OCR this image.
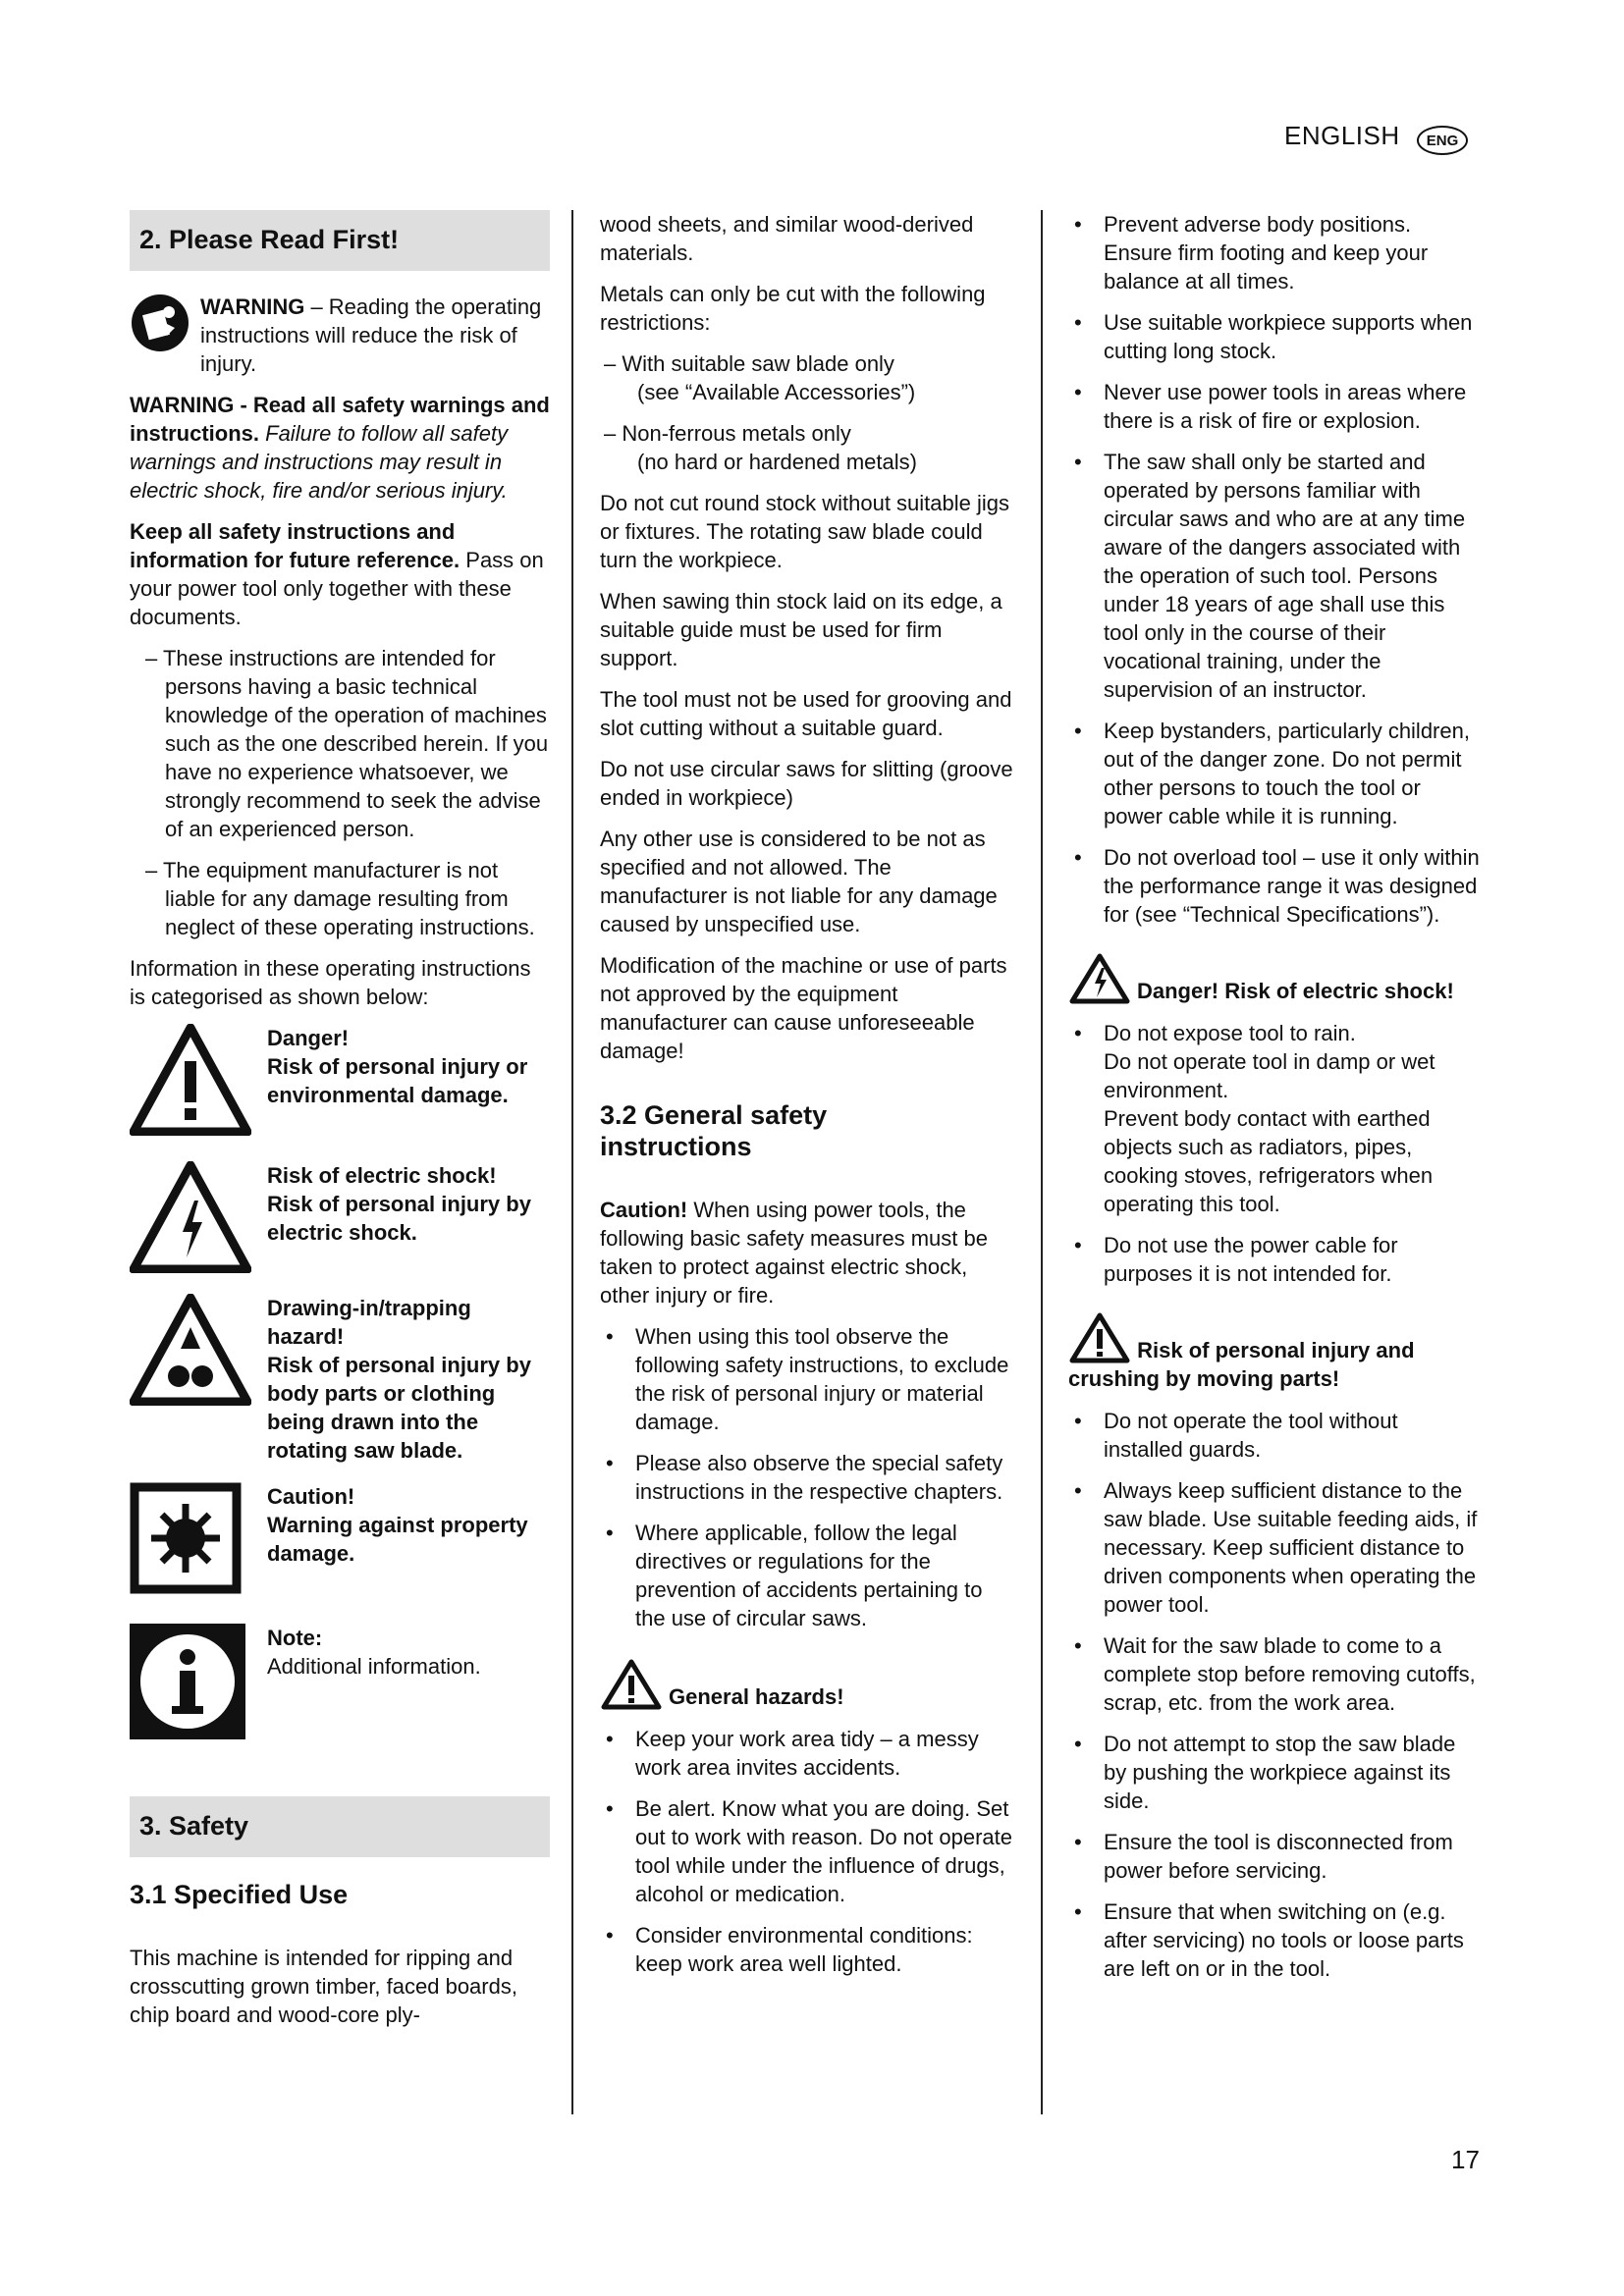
ENGLISH	ENG
2. Please Read First!
WARNING – Reading the operating instructions will reduce the risk of injury.

WARNING - Read all safety warnings and instructions. Failure to follow all safety warnings and instructions may result in electric shock, fire and/or serious injury.

Keep all safety instructions and information for future reference. Pass on your power tool only together with these documents.

– These instructions are intended for persons having a basic technical knowledge of the operation of machines such as the one described herein. If you have no experience whatsoever, we strongly recommend to seek the advise of an experienced person.
– The equipment manufacturer is not liable for any damage resulting from neglect of these operating instructions.

Information in these operating instructions is categorised as shown below:

Danger!
Risk of personal injury or environmental damage.
Risk of electric shock!
Risk of personal injury by electric shock.
Drawing-in/trapping hazard!
Risk of personal injury by body parts or clothing being drawn into the rotating saw blade.
Caution!
Warning against property damage.
Note:
Additional information.
3. Safety
3.1 Specified Use

This machine is intended for ripping and crosscutting grown timber, faced boards, chip board and wood-core ply-

wood sheets, and similar wood-derived materials.

Metals can only be cut with the following restrictions:

– With suitable saw blade only
(see “Available Accessories”)
– Non-ferrous metals only
(no hard or hardened metals)

Do not cut round stock without suitable jigs or fixtures. The rotating saw blade could turn the workpiece.

When sawing thin stock laid on its edge, a suitable guide must be used for firm support.

The tool must not be used for grooving and slot cutting without a suitable guard.

Do not use circular saws for slitting (groove ended in workpiece)

Any other use is considered to be not as specified and not allowed. The manufacturer is not liable for any damage caused by unspecified use.

Modification of the machine or use of parts not approved by the equipment manufacturer can cause unforeseeable damage!

3.2 General safety instructions

Caution! When using power tools, the following basic safety measures must be taken to protect against electric shock, other injury or fire.

• When using this tool observe the following safety instructions, to exclude the risk of personal injury or material damage.
• Please also observe the special safety instructions in the respective chapters.
• Where applicable, follow the legal directives or regulations for the prevention of accidents pertaining to the use of circular saws.
General hazards!
• Keep your work area tidy – a messy work area invites accidents.
• Be alert. Know what you are doing. Set out to work with reason. Do not operate tool while under the influence of drugs, alcohol or medication.
• Consider environmental conditions: keep work area well lighted.
• Prevent adverse body positions. Ensure firm footing and keep your balance at all times.
• Use suitable workpiece supports when cutting long stock.
• Never use power tools in areas where there is a risk of fire or explosion.
• The saw shall only be started and operated by persons familiar with circular saws and who are at any time aware of the dangers associated with the operation of such tool. Persons under 18 years of age shall use this tool only in the course of their vocational training, under the supervision of an instructor.
• Keep bystanders, particularly children, out of the danger zone. Do not permit other persons to touch the tool or power cable while it is running.
• Do not overload tool – use it only within the performance range it was designed for (see “Technical Specifications”).
Danger! Risk of electric shock!
• Do not expose tool to rain.
Do not operate tool in damp or wet environment.
Prevent body contact with earthed objects such as radiators, pipes, cooking stoves, refrigerators when operating this tool.
• Do not use the power cable for purposes it is not intended for.
Risk of personal injury and crushing by moving parts!
• Do not operate the tool without installed guards.
• Always keep sufficient distance to the saw blade. Use suitable feeding aids, if necessary. Keep sufficient distance to driven components when operating the power tool.
• Wait for the saw blade to come to a complete stop before removing cutoffs, scrap, etc. from the work area.
• Do not attempt to stop the saw blade by pushing the workpiece against its side.
• Ensure the tool is disconnected from power before servicing.
• Ensure that when switching on (e.g. after servicing) no tools or loose parts are left on or in the tool.
17
